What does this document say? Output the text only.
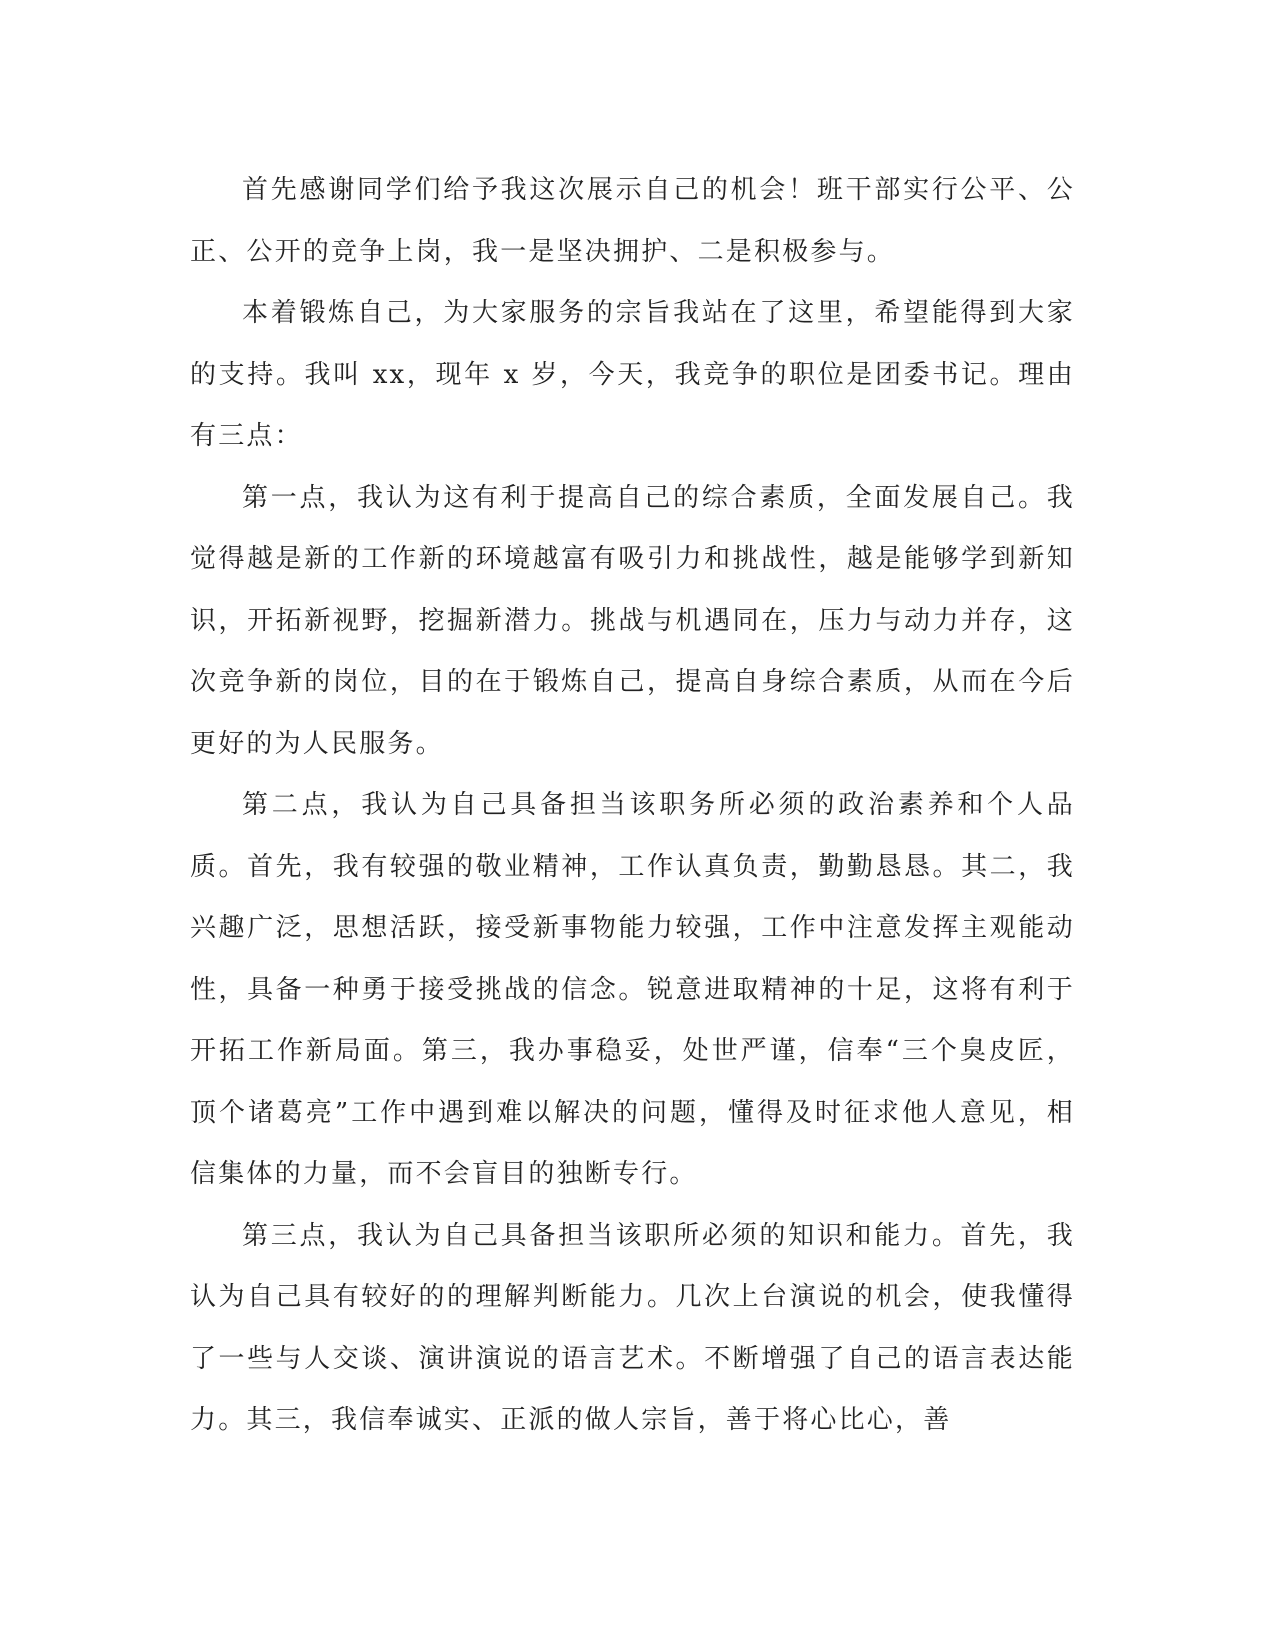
首先感谢同学们给予我这次展示自己的机会！班干部实行公平、公正、公开的竞争上岗，我一是坚决拥护、二是积极参与。

本着锻炼自己，为大家服务的宗旨我站在了这里，希望能得到大家的支持。我叫 xx，现年 x 岁，今天，我竞争的职位是团委书记。理由有三点：

第一点，我认为这有利于提高自己的综合素质，全面发展自己。我觉得越是新的工作新的环境越富有吸引力和挑战性，越是能够学到新知识，开拓新视野，挖掘新潜力。挑战与机遇同在，压力与动力并存，这次竞争新的岗位，目的在于锻炼自己，提高自身综合素质，从而在今后更好的为人民服务。

第二点，我认为自己具备担当该职务所必须的政治素养和个人品质。首先，我有较强的敬业精神，工作认真负责，勤勤恳恳。其二，我兴趣广泛，思想活跃，接受新事物能力较强，工作中注意发挥主观能动性，具备一种勇于接受挑战的信念。锐意进取精神的十足，这将有利于开拓工作新局面。第三，我办事稳妥，处世严谨，信奉“三个臭皮匠，顶个诸葛亮”工作中遇到难以解决的问题，懂得及时征求他人意见，相信集体的力量，而不会盲目的独断专行。

第三点，我认为自己具备担当该职所必须的知识和能力。首先，我认为自己具有较好的的理解判断能力。几次上台演说的机会，使我懂得了一些与人交谈、演讲演说的语言艺术。不断增强了自己的语言表达能力。其三，我信奉诚实、正派的做人宗旨，善于将心比心，善
